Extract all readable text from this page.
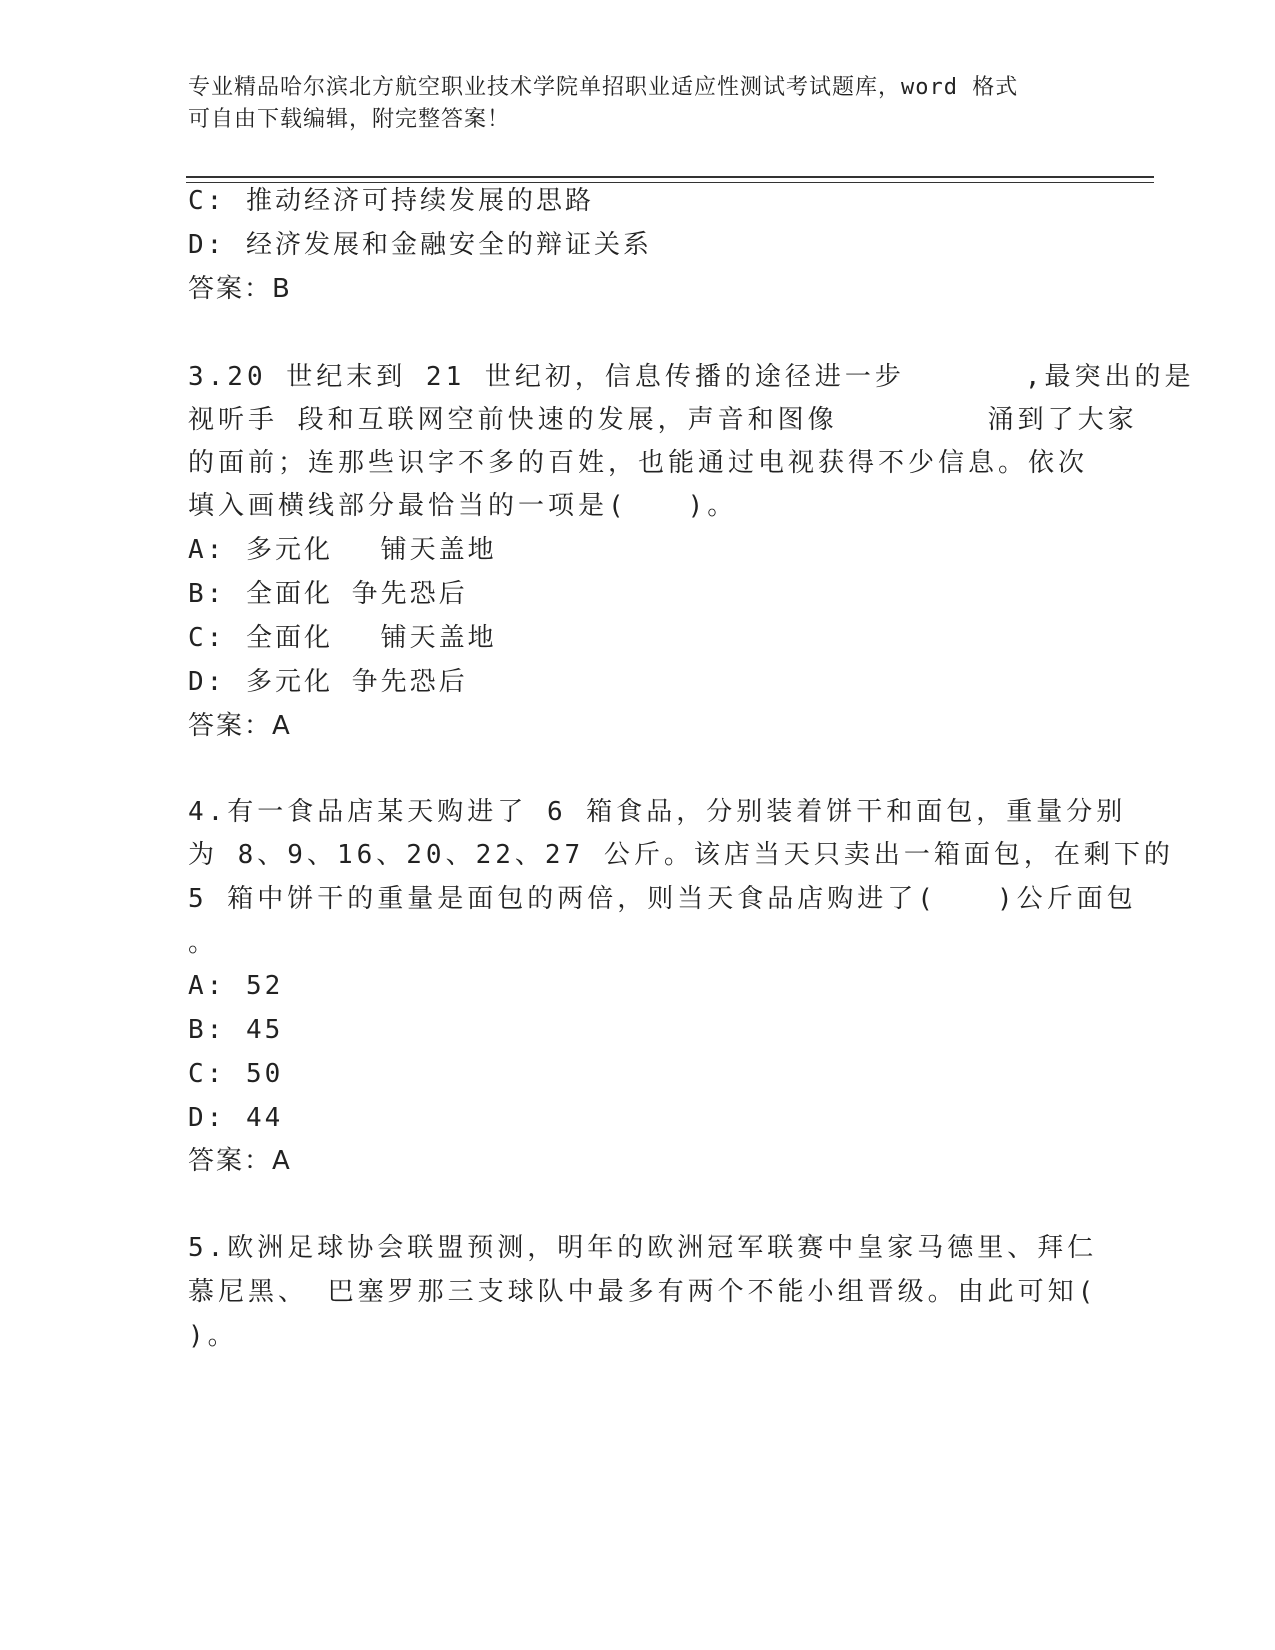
专业精品哈尔滨北方航空职业技术学院单招职业适应性测试考试题库，word 格式
可自由下载编辑，附完整答案！
C: 推动经济可持续发展的思路
D: 经济发展和金融安全的辩证关系
答案：B
3.20 世纪末到 21 世纪初，信息传播的途径进一步　　　　,最突出的是
视听手 段和互联网空前快速的发展，声音和图像　　　　　涌到了大家
的面前；连那些识字不多的百姓，也能通过电视获得不少信息。依次
填入画横线部分最恰当的一项是(　　)。
A: 多元化　 铺天盖地
B: 全面化 争先恐后
C: 全面化　 铺天盖地
D: 多元化 争先恐后
答案：A
4.有一食品店某天购进了 6 箱食品，分别装着饼干和面包，重量分别
为 8、9、16、20、22、27 公斤。该店当天只卖出一箱面包，在剩下的
5 箱中饼干的重量是面包的两倍，则当天食品店购进了(　　)公斤面包
。
A: 52
B: 45
C: 50
D: 44
答案：A
5.欧洲足球协会联盟预测，明年的欧洲冠军联赛中皇家马德里、拜仁
慕尼黑、 巴塞罗那三支球队中最多有两个不能小组晋级。由此可知(
)。
